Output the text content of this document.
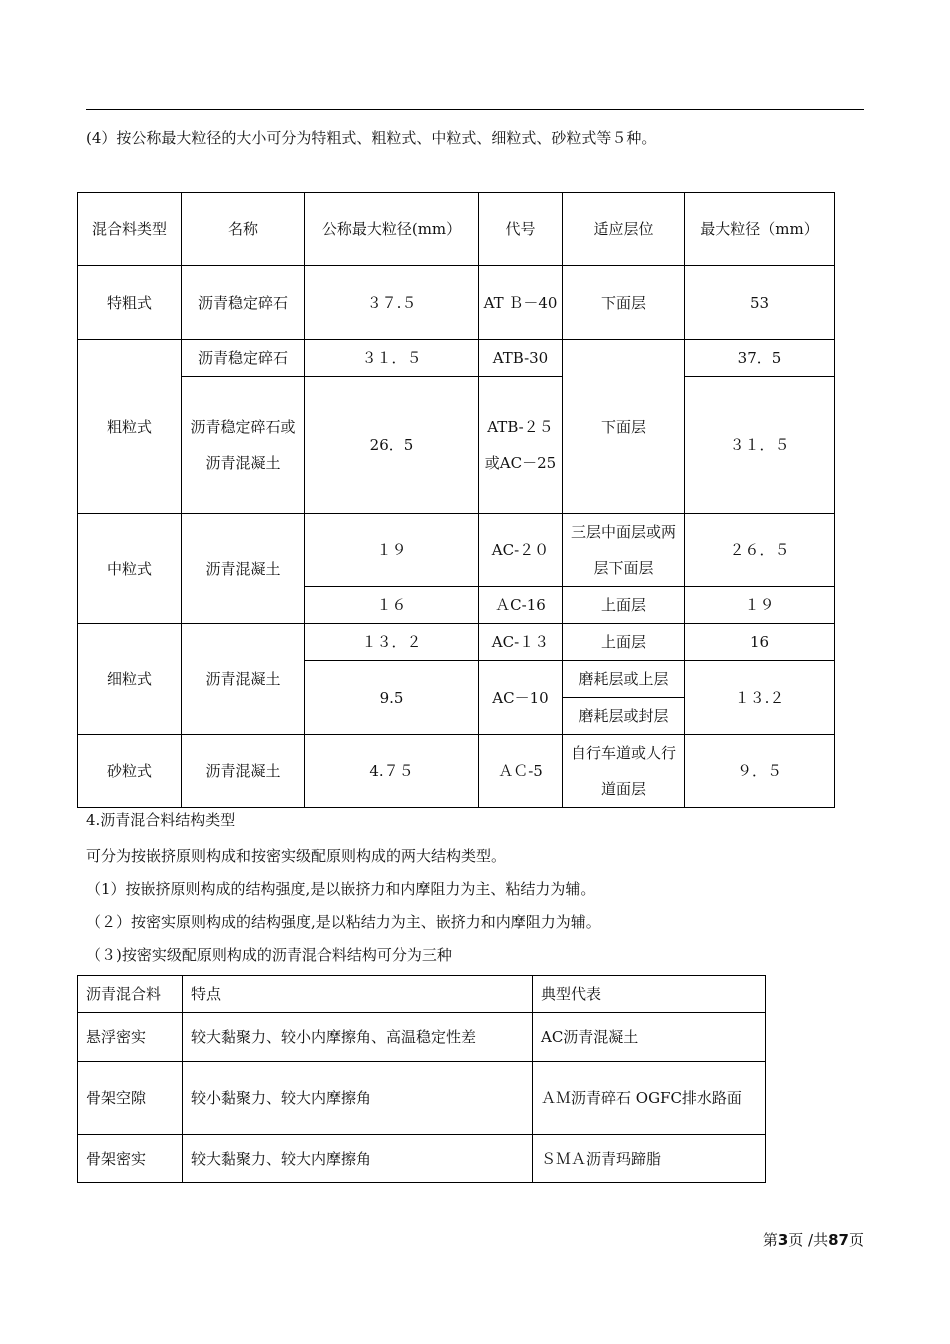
(4）按公称最大粒径的大小可分为特粗式、粗粒式、中粒式、细粒式、砂粒式等５种。
混合料类型	名称	公称最大粒径(mm）	代号	适应层位	最大粒径（mm）
特粗式	沥青稳定碎石	３７.５	AT Ｂ－40	下面层	53
粗粒式	沥青稳定碎石	３１．５	ATB-30	下面层	37．5
	沥青稳定碎石或沥青混凝土	26．5	ATB-２５或AC－25		３１．５
中粒式	沥青混凝土	１９	AC-２０	三层中面层或两层下面层	２６．５
		１６	ＡC-16	上面层	１９
细粒式	沥青混凝土	１３．２	AC-１３	上面层	16
		9.5	AC－10	磨耗层或上层	１３.２
				磨耗层或封层	
砂粒式	沥青混凝土	4.７５	ＡＣ-5	自行车道或人行道面层	９．５
4.沥青混合料结构类型
可分为按嵌挤原则构成和按密实级配原则构成的两大结构类型。
（1）按嵌挤原则构成的结构强度,是以嵌挤力和内摩阻力为主、粘结力为辅。
（２）按密实原则构成的结构强度,是以粘结力为主、嵌挤力和内摩阻力为辅。
（３)按密实级配原则构成的沥青混合料结构可分为三种
沥青混合料	特点	典型代表
悬浮密实	较大黏聚力、较小内摩擦角、高温稳定性差	AC沥青混凝土
骨架空隙	较小黏聚力、较大内摩擦角	ＡＭ沥青碎石 OGFC排水路面
骨架密实	较大黏聚力、较大内摩擦角	ＳＭＡ沥青玛蹄脂
第3页 /共87页
